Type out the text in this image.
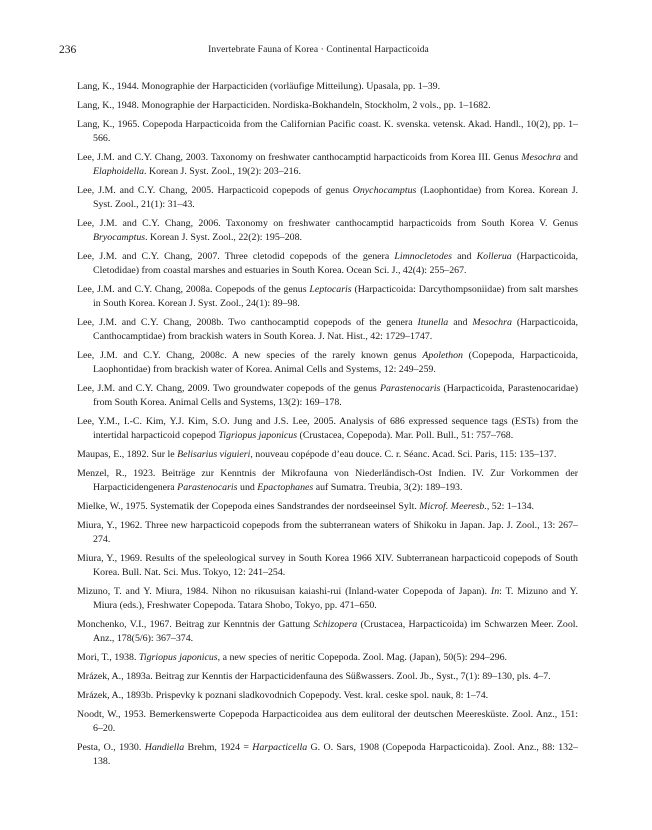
236	Invertebrate Fauna of Korea · Continental Harpacticoida

Lang, K., 1944. Monographie der Harpacticiden (vorläufige Mitteilung). Upasala, pp. 1–39.

Lang, K., 1948. Monographie der Harpacticiden. Nordiska-Bokhandeln, Stockholm, 2 vols., pp. 1–1682.

Lang, K., 1965. Copepoda Harpacticoida from the Californian Pacific coast. K. svenska. vetensk. Akad. Handl., 10(2), pp. 1–566.

Lee, J.M. and C.Y. Chang, 2003. Taxonomy on freshwater canthocamptid harpacticoids from Korea III. Genus Mesochra and Elaphoidella. Korean J. Syst. Zool., 19(2): 203–216.

Lee, J.M. and C.Y. Chang, 2005. Harpacticoid copepods of genus Onychocamptus (Laophontidae) from Korea. Korean J. Syst. Zool., 21(1): 31–43.

Lee, J.M. and C.Y. Chang, 2006. Taxonomy on freshwater canthocamptid harpacticoids from South Korea V. Genus Bryocamptus. Korean J. Syst. Zool., 22(2): 195–208.

Lee, J.M. and C.Y. Chang, 2007. Three cletodid copepods of the genera Limnocletodes and Kollerua (Harpacticoida, Cletodidae) from coastal marshes and estuaries in South Korea. Ocean Sci. J., 42(4): 255–267.

Lee, J.M. and C.Y. Chang, 2008a. Copepods of the genus Leptocaris (Harpacticoida: Darcythompsoniidae) from salt marshes in South Korea. Korean J. Syst. Zool., 24(1): 89–98.

Lee, J.M. and C.Y. Chang, 2008b. Two canthocamptid copepods of the genera Itunella and Mesochra (Harpacticoida, Canthocamptidae) from brackish waters in South Korea. J. Nat. Hist., 42: 1729–1747.

Lee, J.M. and C.Y. Chang, 2008c. A new species of the rarely known genus Apolethon (Copepoda, Harpacticoida, Laophontidae) from brackish water of Korea. Animal Cells and Systems, 12: 249–259.

Lee, J.M. and C.Y. Chang, 2009. Two groundwater copepods of the genus Parastenocaris (Harpacticoida, Parastenocaridae) from South Korea. Animal Cells and Systems, 13(2): 169–178.

Lee, Y.M., I.-C. Kim, Y.J. Kim, S.O. Jung and J.S. Lee, 2005. Analysis of 686 expressed sequence tags (ESTs) from the intertidal harpacticoid copepod Tigriopus japonicus (Crustacea, Copepoda). Mar. Poll. Bull., 51: 757–768.

Maupas, E., 1892. Sur le Belisarius viguieri, nouveau copépode d’eau douce. C. r. Séanc. Acad. Sci. Paris, 115: 135–137.

Menzel, R., 1923. Beiträge zur Kenntnis der Mikrofauna von Niederländisch-Ost Indien. IV. Zur Vorkommen der Harpacticidengenera Parastenocaris und Epactophanes auf Sumatra. Treubia, 3(2): 189–193.

Mielke, W., 1975. Systematik der Copepoda eines Sandstrandes der nordseeinsel Sylt. Microf. Meeresb., 52: 1–134.

Miura, Y., 1962. Three new harpacticoid copepods from the subterranean waters of Shikoku in Japan. Jap. J. Zool., 13: 267–274.

Miura, Y., 1969. Results of the speleological survey in South Korea 1966 XIV. Subterranean harpacticoid copepods of South Korea. Bull. Nat. Sci. Mus. Tokyo, 12: 241–254.

Mizuno, T. and Y. Miura, 1984. Nihon no rikusuisan kaiashi-rui (Inland-water Copepoda of Japan). In: T. Mizuno and Y. Miura (eds.), Freshwater Copepoda. Tatara Shobo, Tokyo, pp. 471–650.

Monchenko, V.I., 1967. Beitrag zur Kenntnis der Gattung Schizopera (Crustacea, Harpacticoida) im Schwarzen Meer. Zool. Anz., 178(5/6): 367–374.

Mori, T., 1938. Tigriopus japonicus, a new species of neritic Copepoda. Zool. Mag. (Japan), 50(5): 294–296.

Mrázek, A., 1893a. Beitrag zur Kenntis der Harpacticidenfauna des Süßwassers. Zool. Jb., Syst., 7(1): 89–130, pls. 4–7.

Mrázek, A., 1893b. Prispevky k poznani sladkovodnich Copepody. Vest. kral. ceske spol. nauk, 8: 1–74.

Noodt, W., 1953. Bemerkenswerte Copepoda Harpacticoidea aus dem eulitoral der deutschen Meeresküste. Zool. Anz., 151: 6–20.

Pesta, O., 1930. Handiella Brehm, 1924 = Harpacticella G. O. Sars, 1908 (Copepoda Harpacticoida). Zool. Anz., 88: 132–138.
